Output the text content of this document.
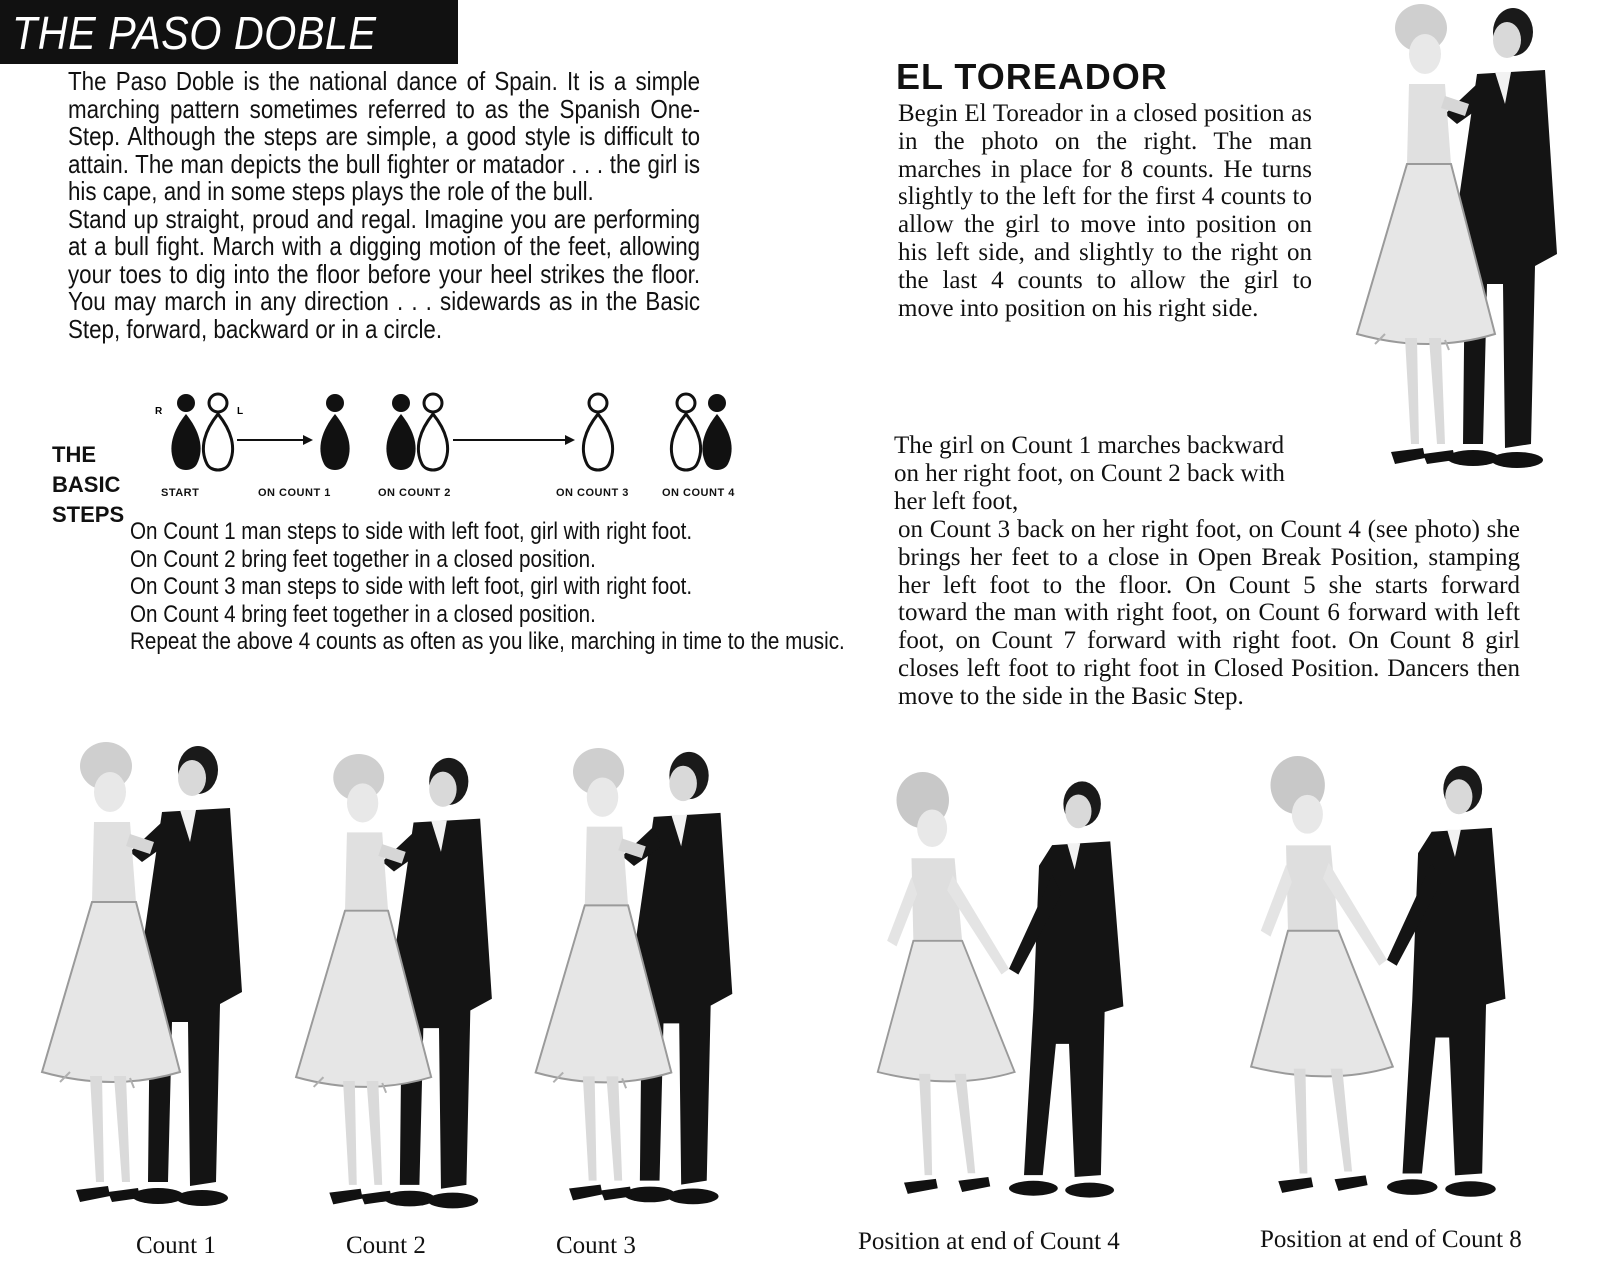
THE PASO DOBLE

The Paso Doble is the national dance of Spain. It is a simple marching pattern sometimes referred to as the Spanish One-Step. Although the steps are simple, a good style is difficult to attain. The man depicts the bull fighter or matador . . . the girl is his cape, and in some steps plays the role of the bull.

Stand up straight, proud and regal. Imagine you are performing at a bull fight. March with a digging motion of the feet, allowing your toes to dig into the floor before your heel strikes the floor. You may march in any direction . . . sidewards as in the Basic Step, forward, backward or in a circle.

THE
BASIC
STEPS
R	L
START	ON COUNT 1	ON COUNT 2	ON COUNT 3	ON COUNT 4

On Count 1 man steps to side with left foot, girl with right foot.

On Count 2 bring feet together in a closed position.

On Count 3 man steps to side with left foot, girl with right foot.

On Count 4 bring feet together in a closed position.

Repeat the above 4 counts as often as you like, marching in time to the music.

EL TOREADOR
Begin El Toreador in a closed position as in the photo on the right. The man marches in place for 8 counts. He turns slightly to the left for the first 4 counts to allow the girl to move into position on his left side, and slightly to the right on the last 4 counts to allow the girl to move into position on his right side.
The girl on Count 1 marches backward on her right foot, on Count 2 back with her left foot,
on Count 3 back on her right foot, on Count 4 (see photo) she brings her feet to a close in Open Break Position, stamping her left foot to the floor. On Count 5 she starts forward toward the man with right foot, on Count 6 forward with left foot, on Count 7 forward with right foot. On Count 8 girl closes left foot to right foot in Closed Position. Dancers then move to the side in the Basic Step.
Count 1	Count 2	Count 3	Position at end of Count 4	Position at end of Count 8
